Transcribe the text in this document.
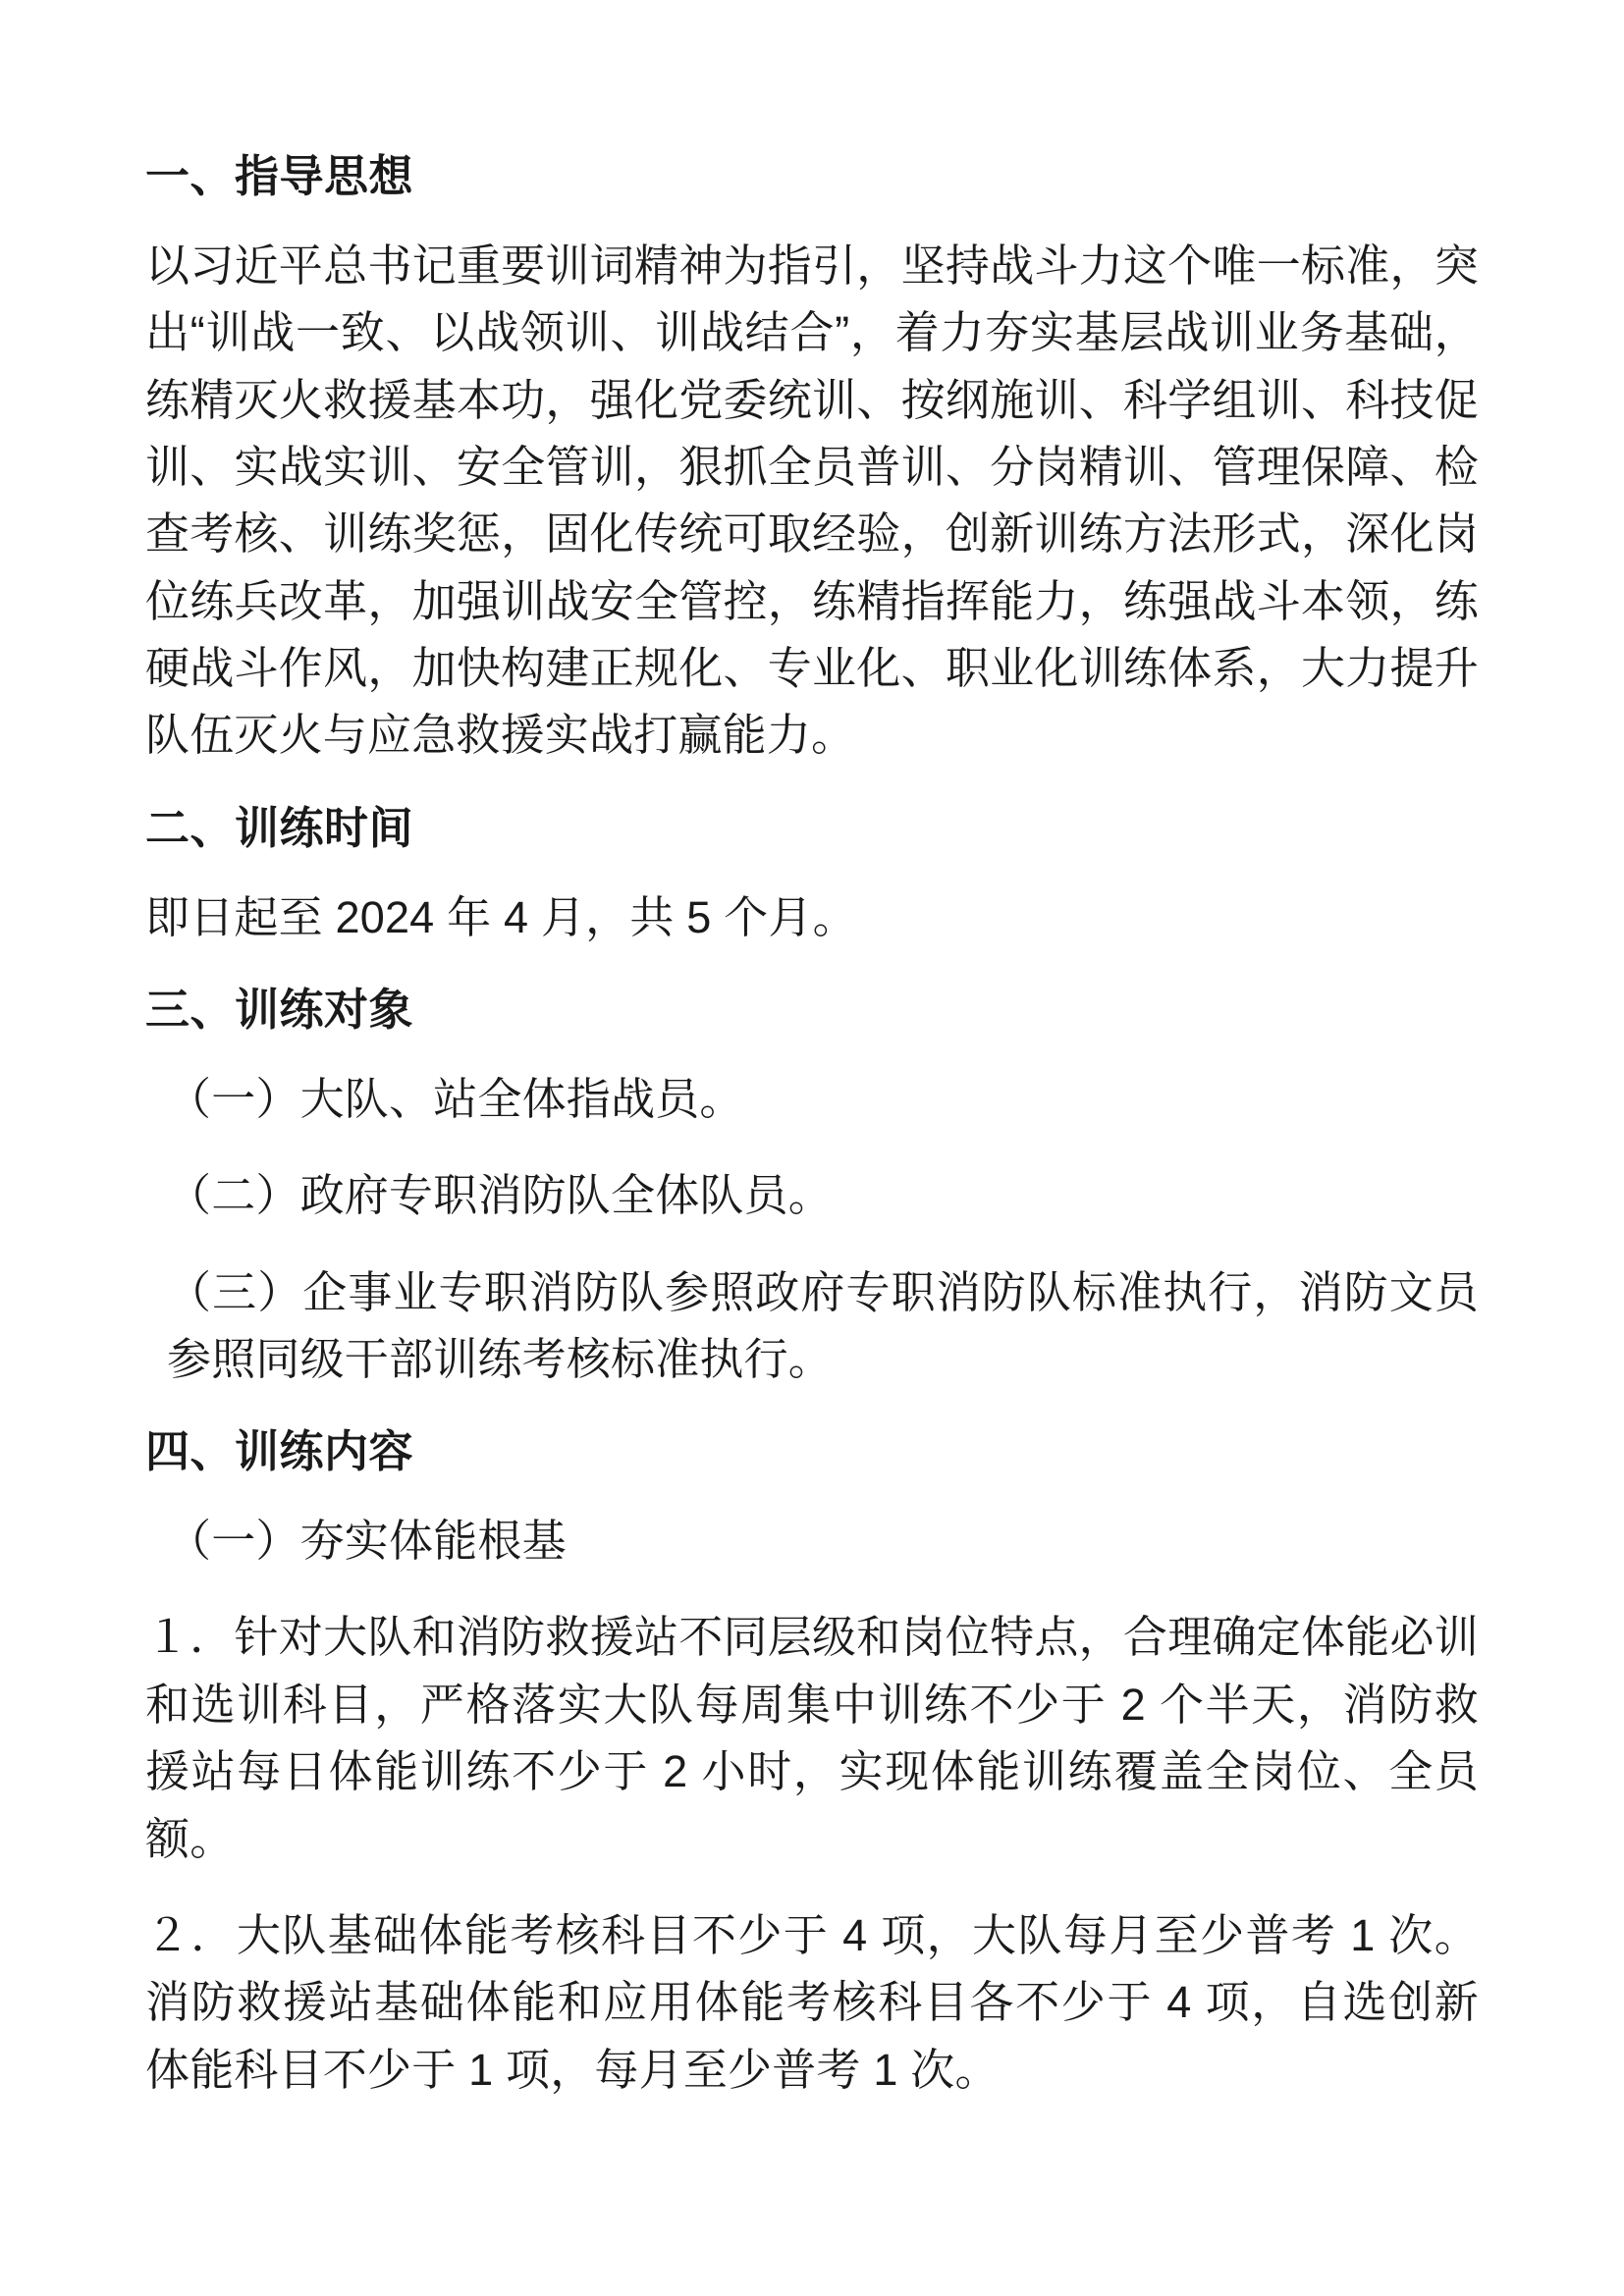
一、指导思想

以习近平总书记重要训词精神为指引，坚持战斗力这个唯一标准，突出“训战一致、以战领训、训战结合”，着力夯实基层战训业务基础，练精灭火救援基本功，强化党委统训、按纲施训、科学组训、科技促训、实战实训、安全管训，狠抓全员普训、分岗精训、管理保障、检查考核、训练奖惩，固化传统可取经验，创新训练方法形式，深化岗位练兵改革，加强训战安全管控，练精指挥能力，练强战斗本领，练硬战斗作风，加快构建正规化、专业化、职业化训练体系，大力提升队伍灭火与应急救援实战打赢能力。

二、训练时间

即日起至 2024 年 4 月，共 5 个月。

三、训练对象

（一）大队、站全体指战员。

（二）政府专职消防队全体队员。

（三）企事业专职消防队参照政府专职消防队标准执行，消防文员参照同级干部训练考核标准执行。

四、训练内容

（一）夯实体能根基

１．针对大队和消防救援站不同层级和岗位特点，合理确定体能必训和选训科目，严格落实大队每周集中训练不少于 2 个半天，消防救援站每日体能训练不少于 2 小时，实现体能训练覆盖全岗位、全员额。

２．大队基础体能考核科目不少于 4 项，大队每月至少普考 1 次。消防救援站基础体能和应用体能考核科目各不少于 4 项，自选创新体能科目不少于 1 项，每月至少普考 1 次。
